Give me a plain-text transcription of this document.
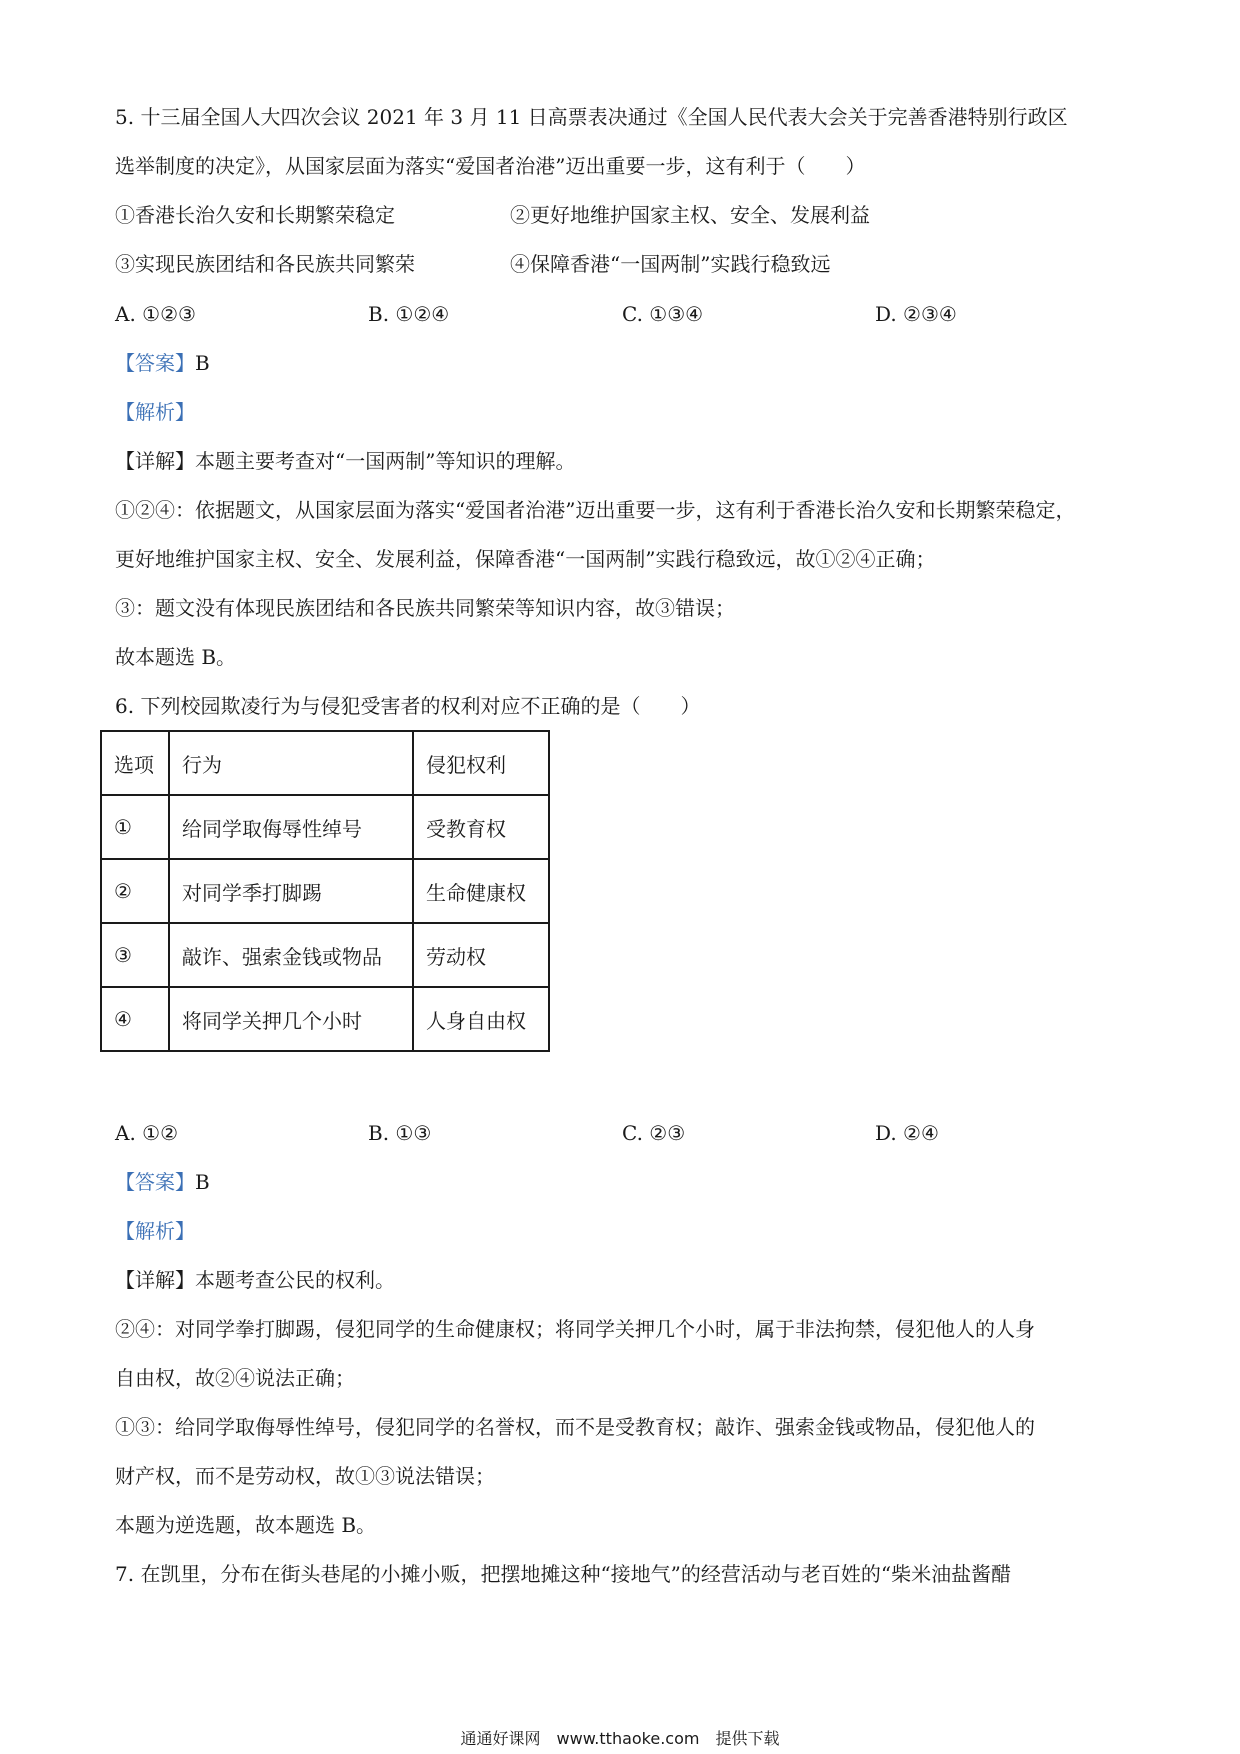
5. 十三届全国人大四次会议 2021 年 3 月 11 日高票表决通过《全国人民代表大会关于完善香港特别行政区
选举制度的决定》，从国家层面为落实“爱国者治港”迈出重要一步，这有利于（　　）
①香港长治久安和长期繁荣稳定	②更好地维护国家主权、安全、发展利益
③实现民族团结和各民族共同繁荣	④保障香港“一国两制”实践行稳致远
A. ①②③	B. ①②④	C. ①③④	D. ②③④
【答案】B
【解析】
【详解】本题主要考查对“一国两制”等知识的理解。
①②④：依据题文，从国家层面为落实“爱国者治港”迈出重要一步，这有利于香港长治久安和长期繁荣稳定，
更好地维护国家主权、安全、发展利益，保障香港“一国两制”实践行稳致远，故①②④正确；
③：题文没有体现民族团结和各民族共同繁荣等知识内容，故③错误；
故本题选 B。
6. 下列校园欺凌行为与侵犯受害者的权利对应不正确的是（　　）
选项	行为	侵犯权利
①	给同学取侮辱性绰号	受教育权
②	对同学季打脚踢	生命健康权
③	敲诈、强索金钱或物品	劳动权
④	将同学关押几个小时	人身自由权
A. ①②	B. ①③	C. ②③	D. ②④
【答案】B
【解析】
【详解】本题考查公民的权利。
②④：对同学拳打脚踢，侵犯同学的生命健康权；将同学关押几个小时，属于非法拘禁，侵犯他人的人身
自由权，故②④说法正确；
①③：给同学取侮辱性绰号，侵犯同学的名誉权，而不是受教育权；敲诈、强索金钱或物品，侵犯他人的
财产权，而不是劳动权，故①③说法错误；
本题为逆选题，故本题选 B。
7. 在凯里，分布在街头巷尾的小摊小贩，把摆地摊这种“接地气”的经营活动与老百姓的“柴米油盐酱醋
通通好课网　www.tthaoke.com　提供下载
